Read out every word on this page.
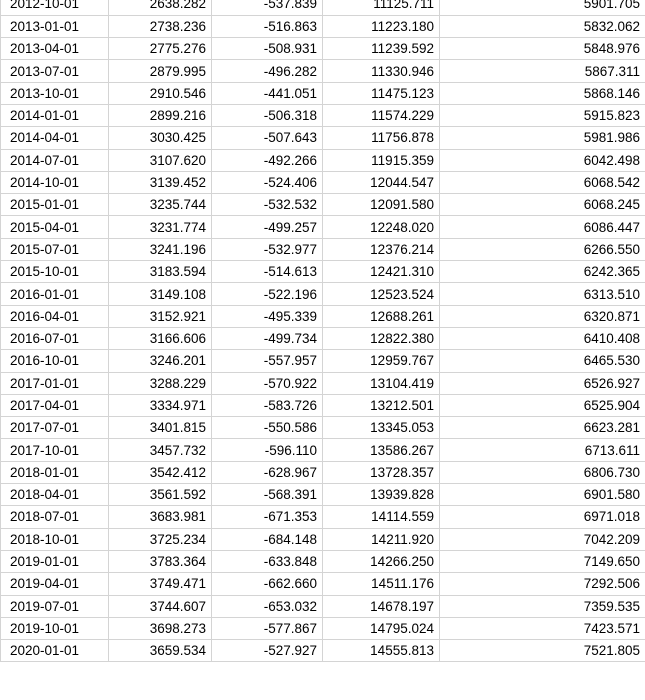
2012-10-01	2638.282	-537.839	11125.711	5901.705
2013-01-01	2738.236	-516.863	11223.180	5832.062
2013-04-01	2775.276	-508.931	11239.592	5848.976
2013-07-01	2879.995	-496.282	11330.946	5867.311
2013-10-01	2910.546	-441.051	11475.123	5868.146
2014-01-01	2899.216	-506.318	11574.229	5915.823
2014-04-01	3030.425	-507.643	11756.878	5981.986
2014-07-01	3107.620	-492.266	11915.359	6042.498
2014-10-01	3139.452	-524.406	12044.547	6068.542
2015-01-01	3235.744	-532.532	12091.580	6068.245
2015-04-01	3231.774	-499.257	12248.020	6086.447
2015-07-01	3241.196	-532.977	12376.214	6266.550
2015-10-01	3183.594	-514.613	12421.310	6242.365
2016-01-01	3149.108	-522.196	12523.524	6313.510
2016-04-01	3152.921	-495.339	12688.261	6320.871
2016-07-01	3166.606	-499.734	12822.380	6410.408
2016-10-01	3246.201	-557.957	12959.767	6465.530
2017-01-01	3288.229	-570.922	13104.419	6526.927
2017-04-01	3334.971	-583.726	13212.501	6525.904
2017-07-01	3401.815	-550.586	13345.053	6623.281
2017-10-01	3457.732	-596.110	13586.267	6713.611
2018-01-01	3542.412	-628.967	13728.357	6806.730
2018-04-01	3561.592	-568.391	13939.828	6901.580
2018-07-01	3683.981	-671.353	14114.559	6971.018
2018-10-01	3725.234	-684.148	14211.920	7042.209
2019-01-01	3783.364	-633.848	14266.250	7149.650
2019-04-01	3749.471	-662.660	14511.176	7292.506
2019-07-01	3744.607	-653.032	14678.197	7359.535
2019-10-01	3698.273	-577.867	14795.024	7423.571
2020-01-01	3659.534	-527.927	14555.813	7521.805
